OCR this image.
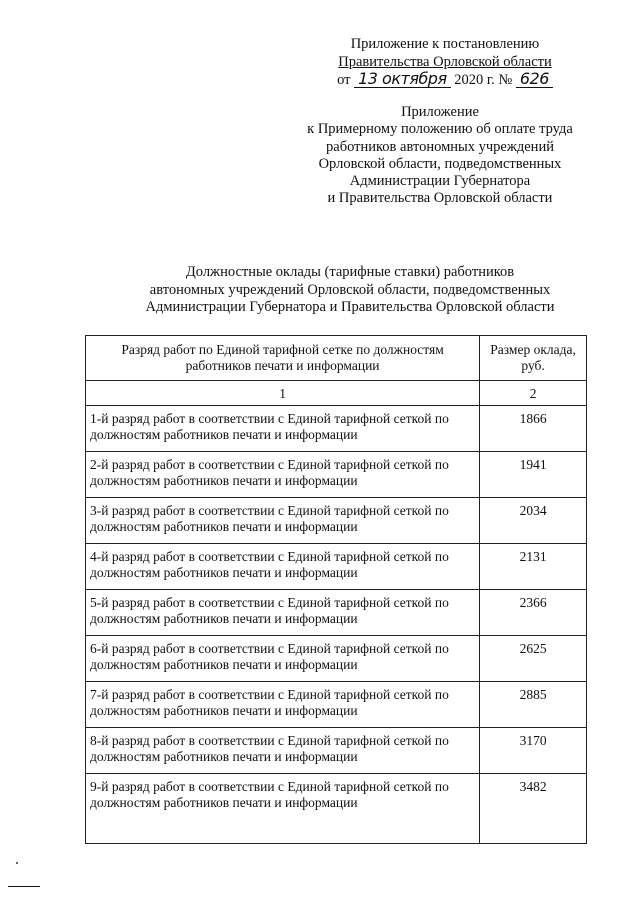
Приложение к постановлению
Правительства Орловской области
от 13 октября 2020 г. № 626
Приложение
к Примерному положению об оплате труда
работников автономных учреждений
Орловской области, подведомственных
Администрации Губернатора
и Правительства Орловской области
Должностные оклады (тарифные ставки) работников
автономных учреждений Орловской области, подведомственных
Администрации Губернатора и Правительства Орловской области
Разряд работ по Единой тарифной сетке по должностям работников печати и информации	Размер оклада, руб.
1	2
1-й разряд работ в соответствии с Единой тарифной сеткой по должностям работников печати и информации	1866
2-й разряд работ в соответствии с Единой тарифной сеткой по должностям работников печати и информации	1941
3-й разряд работ в соответствии с Единой тарифной сеткой по должностям работников печати и информации	2034
4-й разряд работ в соответствии с Единой тарифной сеткой по должностям работников печати и информации	2131
5-й разряд работ в соответствии с Единой тарифной сеткой по должностям работников печати и информации	2366
6-й разряд работ в соответствии с Единой тарифной сеткой по должностям работников печати и информации	2625
7-й разряд работ в соответствии с Единой тарифной сеткой по должностям работников печати и информации	2885
8-й разряд работ в соответствии с Единой тарифной сеткой по должностям работников печати и информации	3170
9-й разряд работ в соответствии с Единой тарифной сеткой по должностям работников печати и информации	3482
